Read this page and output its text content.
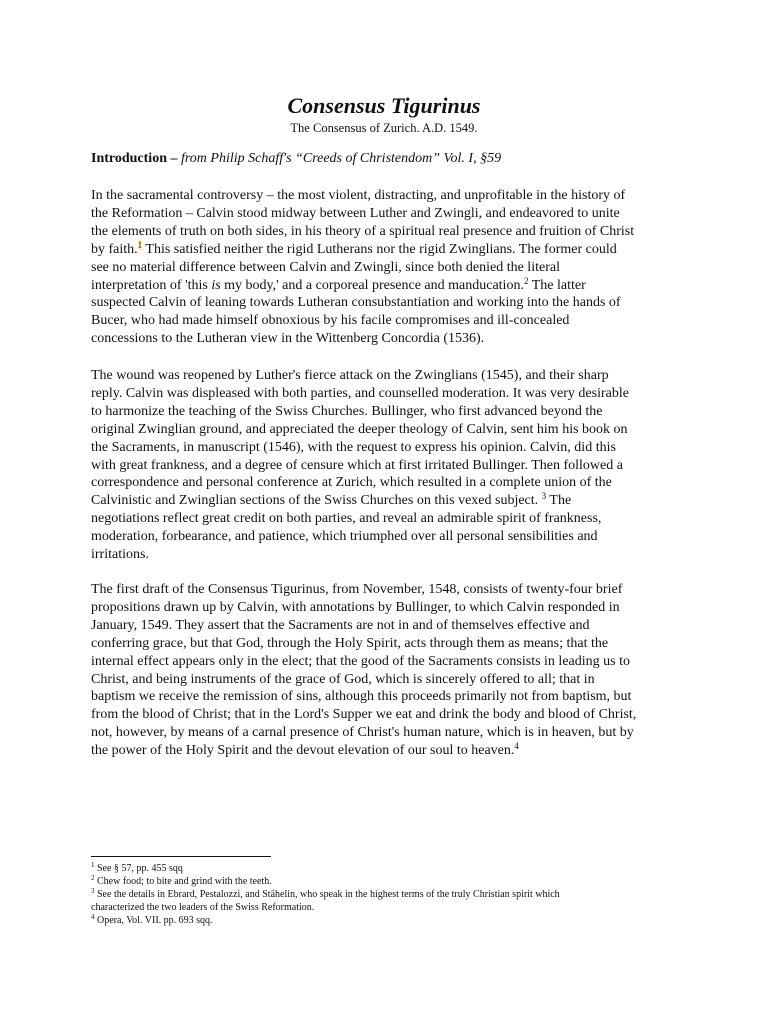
Consensus Tigurinus
The Consensus of Zurich. A.D. 1549.
Introduction – from Philip Schaff's “Creeds of Christendom” Vol. I, §59
In the sacramental controversy – the most violent, distracting, and unprofitable in the history of
the Reformation – Calvin stood midway between Luther and Zwingli, and endeavored to unite
the elements of truth on both sides, in his theory of a spiritual real presence and fruition of Christ
by faith.$^1$ This satisfied neither the rigid Lutherans nor the rigid Zwinglians. The former could
see no material difference between Calvin and Zwingli, since both denied the literal
interpretation of 'this is my body,' and a corporeal presence and manducation.$^2$ The latter
suspected Calvin of leaning towards Lutheran consubstantiation and working into the hands of
Bucer, who had made himself obnoxious by his facile compromises and ill-concealed
concessions to the Lutheran view in the Wittenberg Concordia (1536).
The wound was reopened by Luther's fierce attack on the Zwinglians (1545), and their sharp
reply. Calvin was displeased with both parties, and counselled moderation. It was very desirable
to harmonize the teaching of the Swiss Churches. Bullinger, who first advanced beyond the
original Zwinglian ground, and appreciated the deeper theology of Calvin, sent him his book on
the Sacraments, in manuscript (1546), with the request to express his opinion. Calvin, did this
with great frankness, and a degree of censure which at first irritated Bullinger. Then followed a
correspondence and personal conference at Zurich, which resulted in a complete union of the
Calvinistic and Zwinglian sections of the Swiss Churches on this vexed subject. $^3$ The
negotiations reflect great credit on both parties, and reveal an admirable spirit of frankness,
moderation, forbearance, and patience, which triumphed over all personal sensibilities and
irritations.
The first draft of the Consensus Tigurinus, from November, 1548, consists of twenty-four brief
propositions drawn up by Calvin, with annotations by Bullinger, to which Calvin responded in
January, 1549. They assert that the Sacraments are not in and of themselves effective and
conferring grace, but that God, through the Holy Spirit, acts through them as means; that the
internal effect appears only in the elect; that the good of the Sacraments consists in leading us to
Christ, and being instruments of the grace of God, which is sincerely offered to all; that in
baptism we receive the remission of sins, although this proceeds primarily not from baptism, but
from the blood of Christ; that in the Lord's Supper we eat and drink the body and blood of Christ,
not, however, by means of a carnal presence of Christ's human nature, which is in heaven, but by
the power of the Holy Spirit and the devout elevation of our soul to heaven.$^4$
$^1$ See § 57, pp. 455 sqq
$^2$ Chew food; to bite and grind with the teeth.
$^3$ See the details in Ebrard, Pestalozzi, and Stähelin, who speak in the highest terms of the truly Christian spirit which
characterized the two leaders of the Swiss Reformation.
$^4$ Opera, Vol. VII. pp. 693 sqq.
